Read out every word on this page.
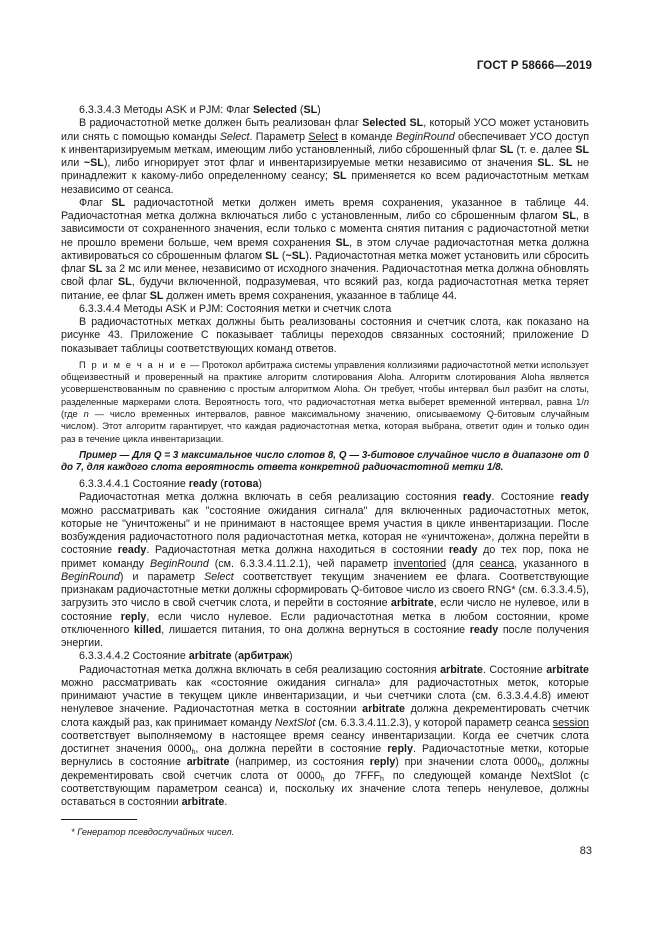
ГОСТ Р 58666—2019

6.3.3.4.3 Методы ASK и PJM: Флаг Selected (SL)

В радиочастотной метке должен быть реализован флаг Selected SL, который УСО может установить или снять с помощью команды Select. Параметр Select в команде BeginRound обеспечивает УСО доступ к инвентаризируемым меткам, имеющим либо установленный, либо сброшенный флаг SL (т. е. далее SL или ~SL), либо игнорирует этот флаг и инвентаризируемые метки независимо от значения SL. SL не принадлежит к какому-либо определенному сеансу; SL применяется ко всем радиочастотным меткам независимо от сеанса.

Флаг SL радиочастотной метки должен иметь время сохранения, указанное в таблице 44. Радиочастотная метка должна включаться либо с установленным, либо со сброшенным флагом SL, в зависимости от сохраненного значения, если только с момента снятия питания с радиочастотной метки не прошло времени больше, чем время сохранения SL, в этом случае радиочастотная метка должна активироваться со сброшенным флагом SL (~SL). Радиочастотная метка может установить или сбросить флаг SL за 2 мс или менее, независимо от исходного значения. Радиочастотная метка должна обновлять свой флаг SL, будучи включенной, подразумевая, что всякий раз, когда радиочастотная метка теряет питание, ее флаг SL должен иметь время сохранения, указанное в таблице 44.

6.3.3.4.4 Методы ASK и PJM: Состояния метки и счетчик слота

В радиочастотных метках должны быть реализованы состояния и счетчик слота, как показано на рисунке 43. Приложение C показывает таблицы переходов связанных состояний; приложение D показывает таблицы соответствующих команд ответов.

П р и м е ч а н и е — Протокол арбитража системы управления коллизиями радиочастотной метки использует общеизвестный и проверенный на практике алгоритм слотирования Aloha. Алгоритм слотирования Aloha является усовершенствованным по сравнению с простым алгоритмом Aloha. Он требует, чтобы интервал был разбит на слоты, разделенные маркерами слота. Вероятность того, что радиочастотная метка выберет временной интервал, равна 1/n (где n — число временных интервалов, равное максимальному значению, описываемому Q-битовым случайным числом). Этот алгоритм гарантирует, что каждая радиочастотная метка, которая выбрана, ответит один и только один раз в течение цикла инвентаризации.

Пример — Для Q = 3 максимальное число слотов 8, Q — 3-битовое случайное число в диапазоне от 0 до 7, для каждого слота вероятность ответа конкретной радиочастотной метки 1/8.

6.3.3.4.4.1 Состояние ready (готова)

Радиочастотная метка должна включать в себя реализацию состояния ready. Состояние ready можно рассматривать как "состояние ожидания сигнала" для включенных радиочастотных меток, которые не "уничтожены" и не принимают в настоящее время участия в цикле инвентаризации. После возбуждения радиочастотного поля радиочастотная метка, которая не «уничтожена», должна перейти в состояние ready. Радиочастотная метка должна находиться в состоянии ready до тех пор, пока не примет команду BeginRound (см. 6.3.3.4.11.2.1), чей параметр inventoried (для сеанса, указанного в BeginRound) и параметр Select соответствует текущим значением ее флага. Соответствующие признакам радиочастотные метки должны сформировать Q-битовое число из своего RNG* (см. 6.3.3.4.5), загрузить это число в свой счетчик слота, и перейти в состояние arbitrate, если число не нулевое, или в состояние reply, если число нулевое. Если радиочастотная метка в любом состоянии, кроме отключенного killed, лишается питания, то она должна вернуться в состояние ready после получения энергии.

6.3.3.4.4.2 Состояние arbitrate (арбитраж)

Радиочастотная метка должна включать в себя реализацию состояния arbitrate. Состояние arbitrate можно рассматривать как «состояние ожидания сигнала» для радиочастотных меток, которые принимают участие в текущем цикле инвентаризации, и чьи счетчики слота (см. 6.3.3.4.4.8) имеют ненулевое значение. Радиочастотная метка в состоянии arbitrate должна декрементировать счетчик слота каждый раз, как принимает команду NextSlot (см. 6.3.3.4.11.2.3), у которой параметр сеанса session соответствует выполняемому в настоящее время сеансу инвентаризации. Когда ее счетчик слота достигнет значения $0000_h$, она должна перейти в состояние reply. Радиочастотные метки, которые вернулись в состояние arbitrate (например, из состояния reply) при значении слота $0000_h$, должны декрементировать свой счетчик слота от $0000_h$ до $7FFF_h$ по следующей команде NextSlot (с соответствующим параметром сеанса) и, поскольку их значение слота теперь ненулевое, должны оставаться в состоянии arbitrate.

* Генератор псевдослучайных чисел.
83
